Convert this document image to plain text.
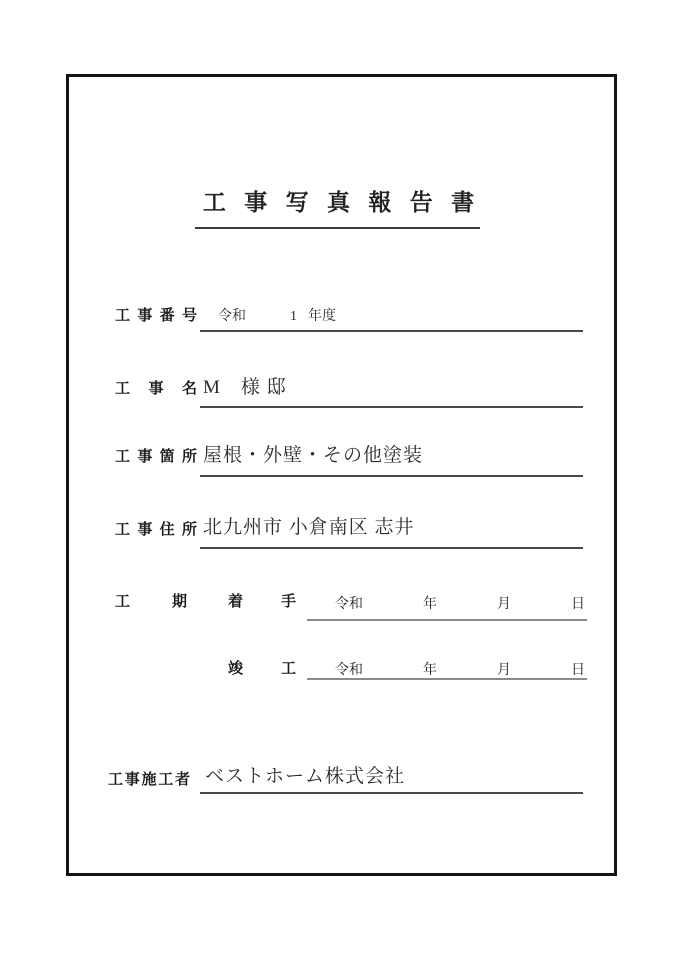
工 事 写 真 報 告 書
工 事 番 号 令和	1 年度
工 事 名 M　様 邸
工 事 箇 所 屋根・外壁・その他塗装
工 事 住 所 北九州市 小倉南区 志井
工 期	着 手	令和	年	月	日
竣 工	令和	年	月	日
工事施工者 ベストホーム株式会社
